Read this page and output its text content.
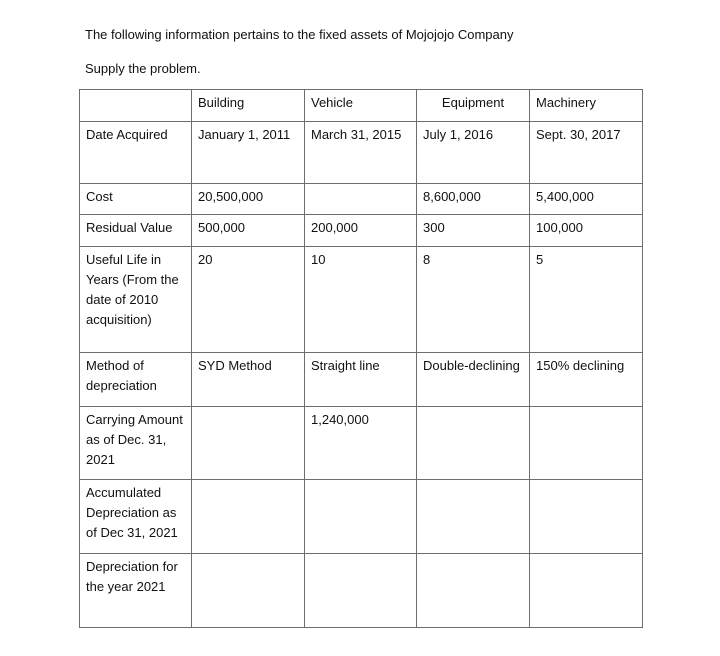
The following information pertains to the fixed assets of Mojojojo Company
Supply the problem.
	Building	Vehicle	Equipment	Machinery
Date Acquired	January 1, 2011	March 31, 2015	July 1, 2016	Sept. 30, 2017
Cost	20,500,000		8,600,000	5,400,000
Residual Value	500,000	200,000	300	100,000
Useful Life in Years (From the date of 2010 acquisition)	20	10	8	5
Method of depreciation	SYD Method	Straight line	Double-declining	150% declining
Carrying Amount as of Dec. 31, 2021		1,240,000		
Accumulated Depreciation as of Dec 31, 2021				
Depreciation for the year 2021				
